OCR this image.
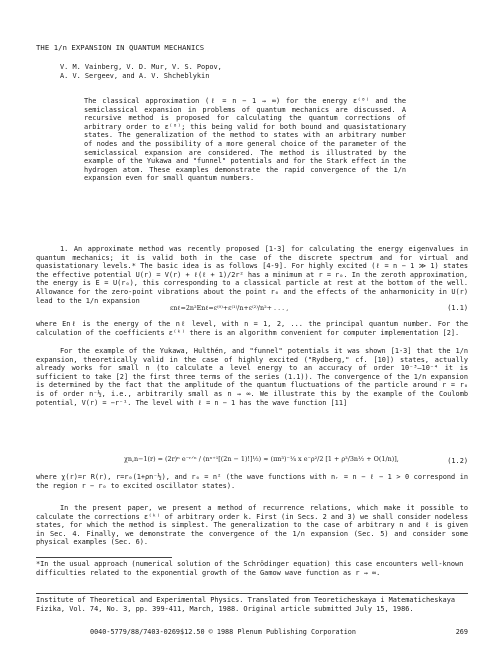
THE 1/n EXPANSION IN QUANTUM MECHANICS
V. M. Vainberg, V. D. Mur, V. S. Popov,
A. V. Sergeev, and A. V. Shcheblykin
The classical approximation (ℓ = n − 1 → ∞) for the energy ε⁽⁰⁾ and the semiclassical expansion in problems of quantum mechanics are discussed. A recursive method is proposed for calculating the quantum corrections of arbitrary order to ε⁽⁰⁾; this being valid for both bound and quasistationary states. The generalization of the method to states with an arbitrary number of nodes and the possibility of a more general choice of the parameter of the semiclassical expansion are considered. The method is illustrated by the example of the Yukawa and "funnel" potentials and for the Stark effect in the hydrogen atom. These examples demonstrate the rapid convergence of the 1/n expansion even for small quantum numbers.
1. An approximate method was recently proposed [1-3] for calculating the energy eigenvalues in quantum mechanics; it is valid both in the case of the discrete spectrum and for virtual and quasistationary levels.* The basic idea is as follows [4-9]. For highly excited (ℓ = n − 1 ≫ 1) states the effective potential U(r) = V(r) + ℓ(ℓ + 1)/2r² has a minimum at r = r₀. In the zeroth approximation, the energy is E = U(r₀), this corresponding to a classical particle at rest at the bottom of the well. Allowance for the zero-point vibrations about the point r₀ and the effects of the anharmonicity in U(r) lead to the 1/n expansion
εnℓ=2n²Enℓ=ε⁽⁰⁾+ε⁽¹⁾/n+ε⁽²⁾/n²+ . . . ,	(1.1)
where Enℓ is the energy of the nℓ level, with n = 1, 2, ... the principal quantum number. For the calculation of the coefficients ε⁽ᵏ⁾ there is an algorithm convenient for computer implementation [2].
For the example of the Yukawa, Hulthén, and "funnel" potentials it was shown [1-3] that the 1/n expansion, theoretically valid in the case of highly excited ("Rydberg," cf. [10]) states, actually already works for small n (to calculate a level energy to an accuracy of order 10⁻³–10⁻⁴ it is sufficient to take [2] the first three terms of the series (1.1)). The convergence of the 1/n expansion is determined by the fact that the amplitude of the quantum fluctuations of the particle around r = r₀ is of order n⁻½, i.e., arbitrarily small as n → ∞. We illustrate this by the example of the Coulomb potential, V(r) = −r⁻¹. The level with ℓ = n − 1 has the wave function [11]
χn,n−1(r) = (2r)ⁿ e⁻ʳᐟⁿ / (nⁿ⁺¹[(2n − 1)!]½) ≈ (πn³)⁻¼ x e⁻ρ²/2 [1 + ρ³/3n½ + O(1/n)],	(1.2)
where χ(r)=r R(r), r=r₀(1+ρn⁻½), and r₀ = n² (the wave functions with nᵣ = n − ℓ − 1 > 0 correspond in the region r − r₀ to excited oscillator states).
In the present paper, we present a method of recurrence relations, which make it possible to calculate the corrections ε⁽ᵏ⁾ of arbitrary order k. First (in Secs. 2 and 3) we shall consider nodeless states, for which the method is simplest. The generalization to the case of arbitrary n and ℓ is given in Sec. 4. Finally, we demonstrate the convergence of the 1/n expansion (Sec. 5) and consider some physical examples (Sec. 6).
*In the usual approach (numerical solution of the Schrödinger equation) this case encounters well-known difficulties related to the exponential growth of the Gamow wave function as r → ∞.
Institute of Theoretical and Experimental Physics. Translated from Teoreticheskaya i Matematicheskaya Fizika, Vol. 74, No. 3, pp. 399-411, March, 1988. Original article submitted July 15, 1986.
0040-5779/88/7403-0269$12.50 © 1988 Plenum Publishing Corporation	269
